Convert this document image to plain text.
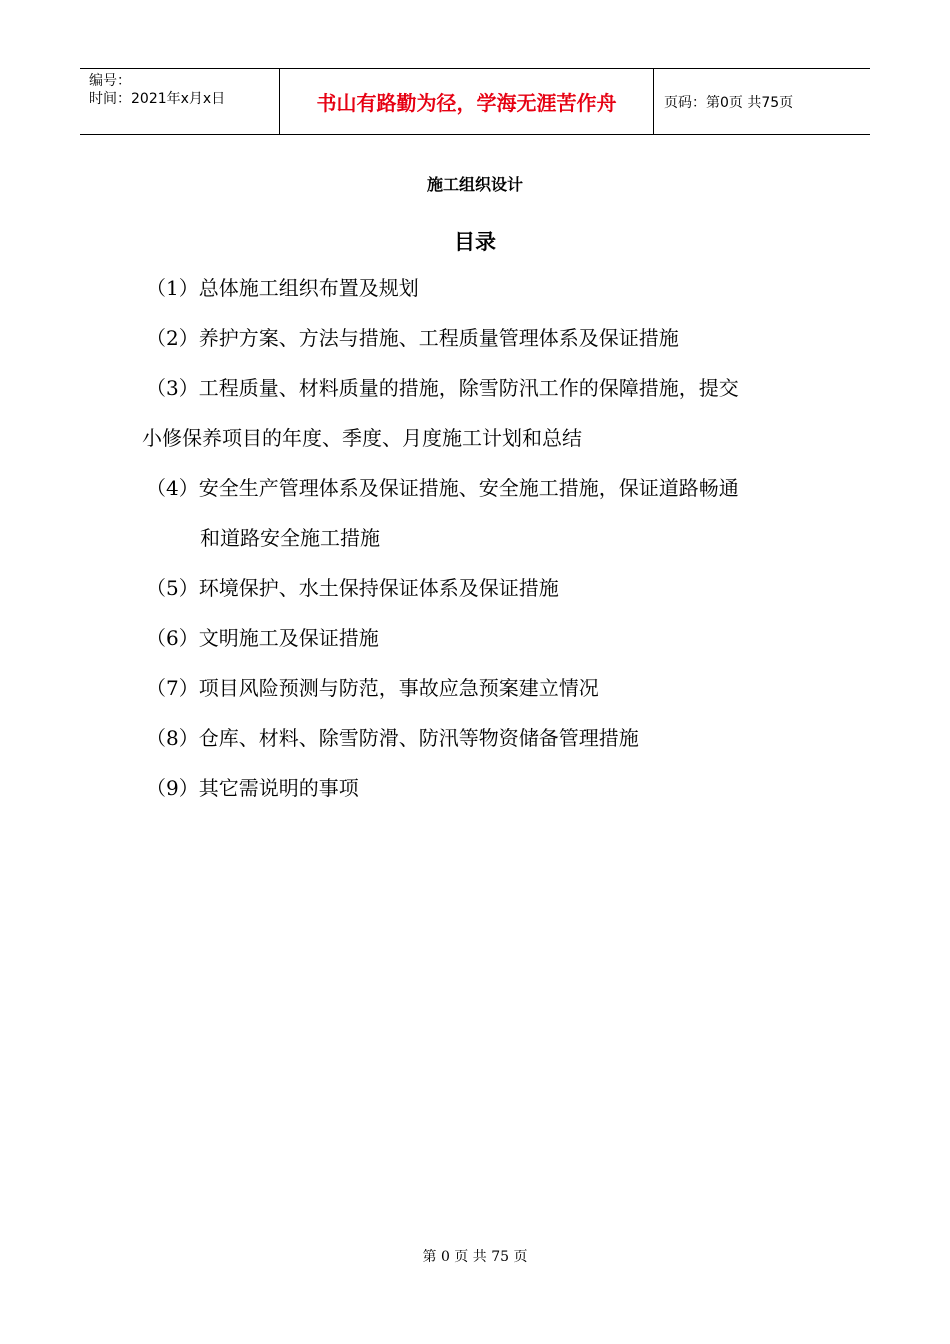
编号：
时间：2021年x月x日	书山有路勤为径，学海无涯苦作舟	页码：第0页 共75页
施工组织设计
目录
（1）总体施工组织布置及规划
（2）养护方案、方法与措施、工程质量管理体系及保证措施
（3）工程质量、材料质量的措施，除雪防汛工作的保障措施，提交
小修保养项目的年度、季度、月度施工计划和总结
（4）安全生产管理体系及保证措施、安全施工措施，保证道路畅通
和道路安全施工措施
（5）环境保护、水土保持保证体系及保证措施
（6）文明施工及保证措施
（7）项目风险预测与防范，事故应急预案建立情况
（8）仓库、材料、除雪防滑、防汛等物资储备管理措施
（9）其它需说明的事项
第 0 页 共 75 页
